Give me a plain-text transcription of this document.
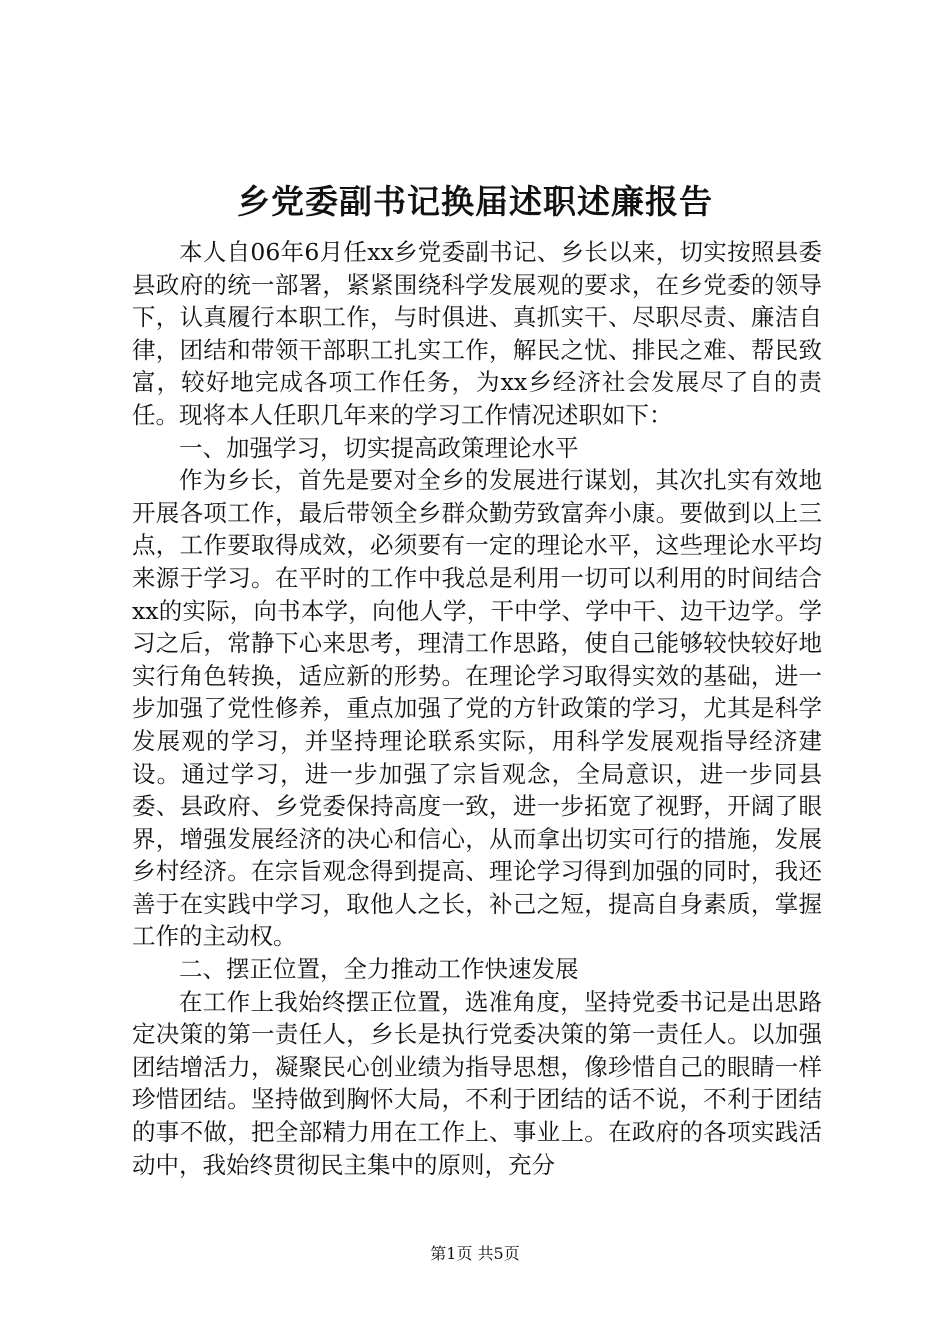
乡党委副书记换届述职述廉报告

本人自06年6月任xx乡党委副书记、乡长以来，切实按照县委县政府的统一部署，紧紧围绕科学发展观的要求，在乡党委的领导下，认真履行本职工作，与时俱进、真抓实干、尽职尽责、廉洁自律，团结和带领干部职工扎实工作，解民之忧、排民之难、帮民致富，较好地完成各项工作任务，为xx乡经济社会发展尽了自的责任。现将本人任职几年来的学习工作情况述职如下：

一、加强学习，切实提高政策理论水平

作为乡长，首先是要对全乡的发展进行谋划，其次扎实有效地开展各项工作，最后带领全乡群众勤劳致富奔小康。要做到以上三点，工作要取得成效，必须要有一定的理论水平，这些理论水平均来源于学习。在平时的工作中我总是利用一切可以利用的时间结合xx的实际，向书本学，向他人学，干中学、学中干、边干边学。学习之后，常静下心来思考，理清工作思路，使自己能够较快较好地实行角色转换，适应新的形势。在理论学习取得实效的基础，进一步加强了党性修养，重点加强了党的方针政策的学习，尤其是科学发展观的学习，并坚持理论联系实际，用科学发展观指导经济建设。通过学习，进一步加强了宗旨观念，全局意识，进一步同县委、县政府、乡党委保持高度一致，进一步拓宽了视野，开阔了眼界，增强发展经济的决心和信心，从而拿出切实可行的措施，发展乡村经济。在宗旨观念得到提高、理论学习得到加强的同时，我还善于在实践中学习，取他人之长，补己之短，提高自身素质，掌握工作的主动权。

二、摆正位置，全力推动工作快速发展

在工作上我始终摆正位置，选准角度，坚持党委书记是出思路定决策的第一责任人，乡长是执行党委决策的第一责任人。以加强团结增活力，凝聚民心创业绩为指导思想，像珍惜自己的眼睛一样珍惜团结。坚持做到胸怀大局，不利于团结的话不说，不利于团结的事不做，把全部精力用在工作上、事业上。在政府的各项实践活动中，我始终贯彻民主集中的原则，充分

第1页 共5页
